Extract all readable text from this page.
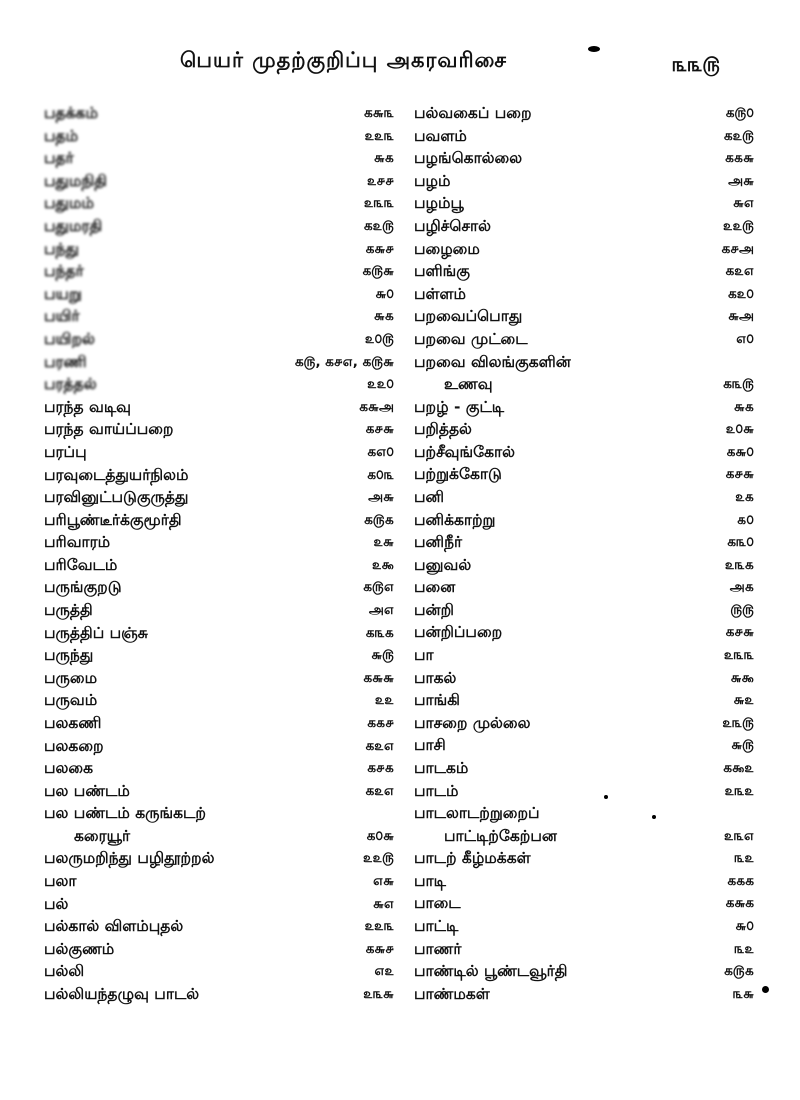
பெயர் முதற்குறிப்பு அகரவரிசை	௩௩௫
பதக்கம்	க௬௩
பதம்	௨௨௩
பதர்	௬௧
பதுமநிதி	௨௪௪
பதுமம்	௨௩௩
பதுமரதி	க௨௫
பந்து	க௬௪
பந்தர்	க௫௬
பயறு	௬௦
பயிர்	௬௧
பயிறல்	௨௦௫
பரணி	க௫, க௪௭, க௫௬
பரத்தல்	௨௨௦
பரந்த வடிவு	க௬அ
பரந்த வாய்ப்பறை	க௪௬
பரப்பு	க௭௦
பரவுடைத்துயர்நிலம்	க௦௩
பரவினுட்படுகுருத்து	அ௬
பரிபூண்டீர்க்குமூர்தி	க௫௧
பரிவாரம்	௨௬
பரிவேடம்	௨௯
பருங்குறடு	க௫௭
பருத்தி	அ௭
பருத்திப் பஞ்சு	க௩௧
பருந்து	௬௫
பருமை	க௬௬
பருவம்	௨௨
பலகணி	க௧௪
பலகறை	க௨௭
பலகை	க௪௧
பல பண்டம்	க௨௭
பல பண்டம் கருங்கடற்
கரையூர்	க௦௬
பலருமறிந்து பழிதூற்றல்	௨௨௫
பலா	௭௬
பல்	௬௭
பல்கால் விளம்புதல்	௨௨௩
பல்குணம்	க௬௪
பல்லி	௭௨
பல்லியந்தழுவு பாடல்	௨௩௬
பல்வகைப் பறை	க௫௦
பவளம்	க௨௫
பழங்கொல்லை	க௧௬
பழம்	அ௬
பழம்பூ	௬௭
பழிச்சொல்	௨௨௫
பழைமை	க௪அ
பளிங்கு	க௨௭
பள்ளம்	க௨௦
பறவைப்பொது	௬அ
பறவை முட்டை	௭௦
பறவை விலங்குகளின்
உணவு	க௩௫
பறழ் - குட்டி	௬௧
பறித்தல்	௨௦௬
பற்சீவுங்கோல்	க௬௦
பற்றுக்கோடு	க௪௬
பனி	௨௧
பனிக்காற்று	௧௦
பனிநீர்	க௩௦
பனுவல்	௨௩௧
பனை	அ௧
பன்றி	௫௫
பன்றிப்பறை	க௪௬
பா	௨௩௩
பாகல்	௬௯
பாங்கி	௬௨
பாசறை முல்லை	௨௩௫
பாசி	௬௫
பாடகம்	க௯௨
பாடம்	௨௩௨
பாடலாடற்றுறைப்
பாட்டிற்கேற்பன	௨௩௭
பாடற் கீழ்மக்கள்	௩௨
பாடி	க௧க
பாடை	க௬க
பாட்டி	௬௦
பாணர்	௩௨
பாண்டில் பூண்டவூர்தி	க௫௧
பாண்மகள்	௩௬
